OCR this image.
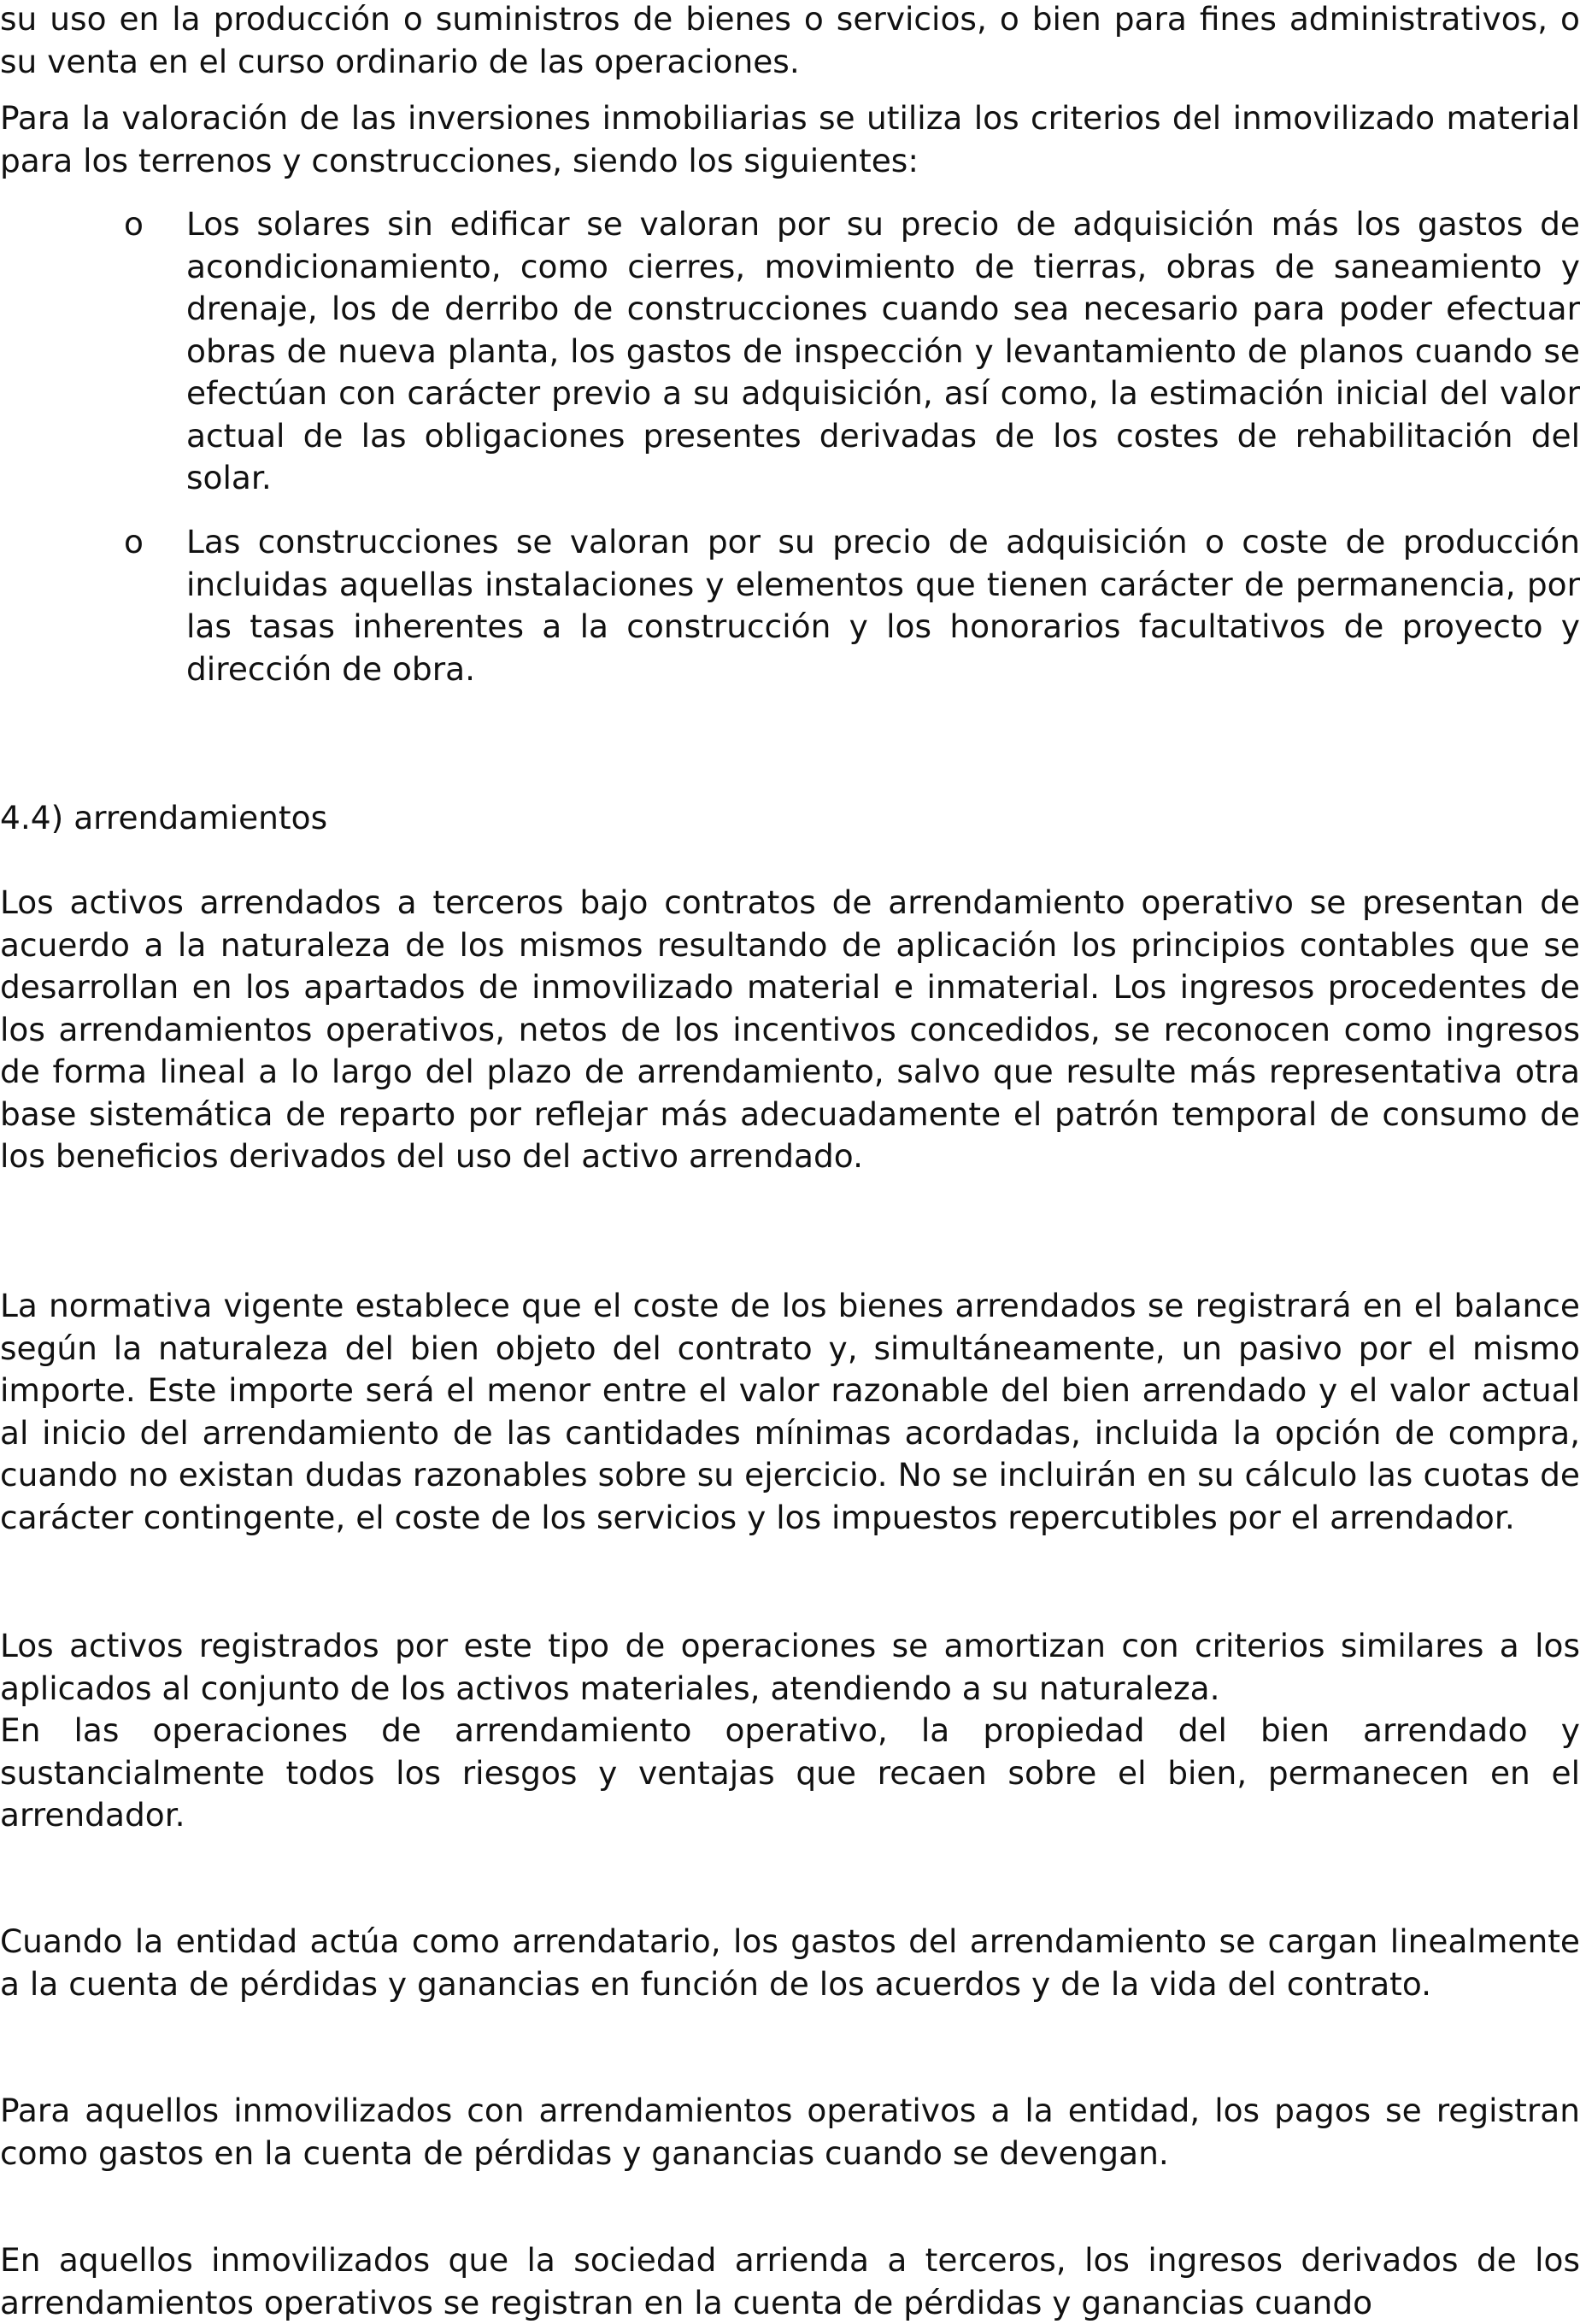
su uso en la producción o suministros de bienes o servicios, o bien para fines administrativos, o su venta en el curso ordinario de las operaciones.

Para la valoración de las inversiones inmobiliarias se utiliza los criterios del inmovilizado material para los terrenos y construcciones, siendo los siguientes:

o	Los solares sin edificar se valoran por su precio de adquisición más los gastos de acondicionamiento, como cierres, movimiento de tierras, obras de saneamiento y drenaje, los de derribo de construcciones cuando sea necesario para poder efectuar obras de nueva planta, los gastos de inspección y levantamiento de planos cuando se efectúan con carácter previo a su adquisición, así como, la estimación inicial del valor actual de las obligaciones presentes derivadas de los costes de rehabilitación del solar.

o	Las construcciones se valoran por su precio de adquisición o coste de producción incluidas aquellas instalaciones y elementos que tienen carácter de permanencia, por las tasas inherentes a la construcción y los honorarios facultativos de proyecto y dirección de obra.

4.4) arrendamientos

Los activos arrendados a terceros bajo contratos de arrendamiento operativo se presentan de acuerdo a la naturaleza de los mismos resultando de aplicación los principios contables que se desarrollan en los apartados de inmovilizado material e inmaterial. Los ingresos procedentes de los arrendamientos operativos, netos de los incentivos concedidos, se reconocen como ingresos de forma lineal a lo largo del plazo de arrendamiento, salvo que resulte más representativa otra base sistemática de reparto por reflejar más adecuadamente el patrón temporal de consumo de los beneficios derivados del uso del activo arrendado.

La normativa vigente establece que el coste de los bienes arrendados se registrará en el balance según la naturaleza del bien objeto del contrato y, simultáneamente, un pasivo por el mismo importe. Este importe será el menor entre el valor razonable del bien arrendado y el valor actual al inicio del arrendamiento de las cantidades mínimas acordadas, incluida la opción de compra, cuando no existan dudas razonables sobre su ejercicio. No se incluirán en su cálculo las cuotas de carácter contingente, el coste de los servicios y los impuestos repercutibles por el arrendador.

Los activos registrados por este tipo de operaciones se amortizan con criterios similares a los aplicados al conjunto de los activos materiales, atendiendo a su naturaleza.

En las operaciones de arrendamiento operativo, la propiedad del bien arrendado y sustancialmente todos los riesgos y ventajas que recaen sobre el bien, permanecen en el arrendador.

Cuando la entidad actúa como arrendatario, los gastos del arrendamiento se cargan linealmente a la cuenta de pérdidas y ganancias en función de los acuerdos y de la vida del contrato.

Para aquellos inmovilizados con arrendamientos operativos a la entidad, los pagos se registran como gastos en la cuenta de pérdidas y ganancias cuando se devengan.

En aquellos inmovilizados que la sociedad arrienda a terceros, los ingresos derivados de los arrendamientos operativos se registran en la cuenta de pérdidas y ganancias cuando
